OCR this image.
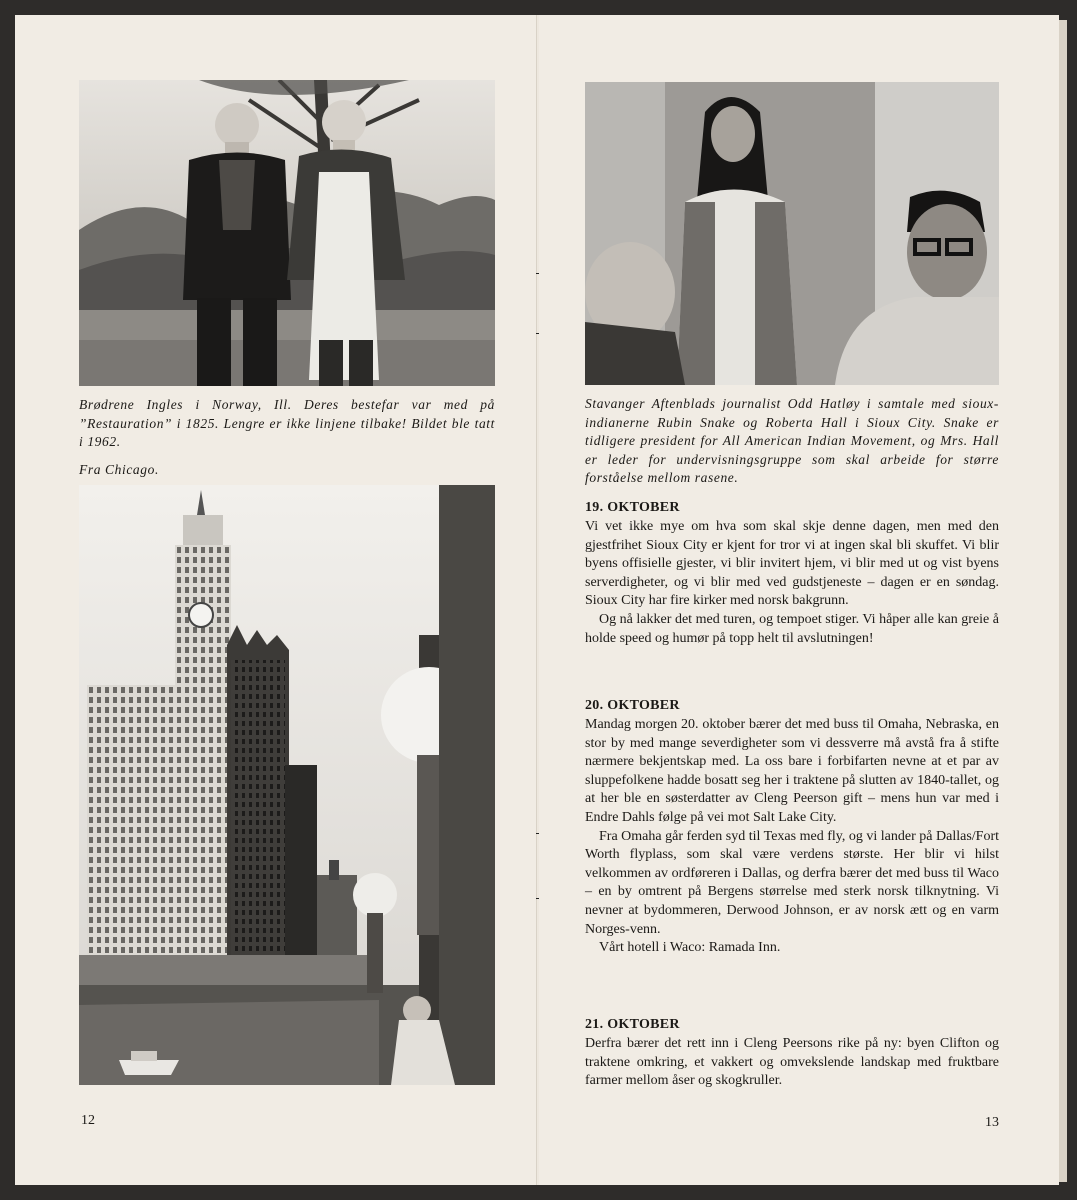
Brødrene Ingles i Norway, Ill. Deres bestefar var med på ”Restauration” i 1825. Lengre er ikke linjene tilbake! Bildet ble tatt i 1962.
Fra Chicago.
12
Stavanger Aftenblads journalist Odd Hatløy i samtale med sioux-indianerne Rubin Snake og Roberta Hall i Sioux City. Snake er tidligere president for All American Indian Movement, og Mrs. Hall er leder for undervisningsgruppe som skal arbeide for større forståelse mellom rasene.
19. OKTOBER

Vi vet ikke mye om hva som skal skje denne dagen, men med den gjestfrihet Sioux City er kjent for tror vi at ingen skal bli skuffet. Vi blir byens offisielle gjester, vi blir invitert hjem, vi blir med ut og vist byens serverdigheter, og vi blir med ved gudstjeneste – dagen er en søndag. Sioux City har fire kirker med norsk bakgrunn.

Og nå lakker det med turen, og tempoet stiger. Vi håper alle kan greie å holde speed og humør på topp helt til avslutningen!

20. OKTOBER

Mandag morgen 20. oktober bærer det med buss til Omaha, Nebraska, en stor by med mange severdigheter som vi dessverre må avstå fra å stifte nærmere bekjentskap med. La oss bare i forbifarten nevne at et par av sluppefolkene hadde bosatt seg her i traktene på slutten av 1840-tallet, og at her ble en søsterdatter av Cleng Peerson gift – mens hun var med i Endre Dahls følge på vei mot Salt Lake City.

Fra Omaha går ferden syd til Texas med fly, og vi lander på Dallas/Fort Worth flyplass, som skal være verdens største. Her blir vi hilst velkommen av ordføreren i Dallas, og derfra bærer det med buss til Waco – en by omtrent på Bergens størrelse med sterk norsk tilknytning. Vi nevner at bydommeren, Derwood Johnson, er av norsk ætt og en varm Norges-venn.

Vårt hotell i Waco: Ramada Inn.

21. OKTOBER

Derfra bærer det rett inn i Cleng Peersons rike på ny: byen Clifton og traktene omkring, et vakkert og omvekslende landskap med fruktbare farmer mellom åser og skogkruller.

13
